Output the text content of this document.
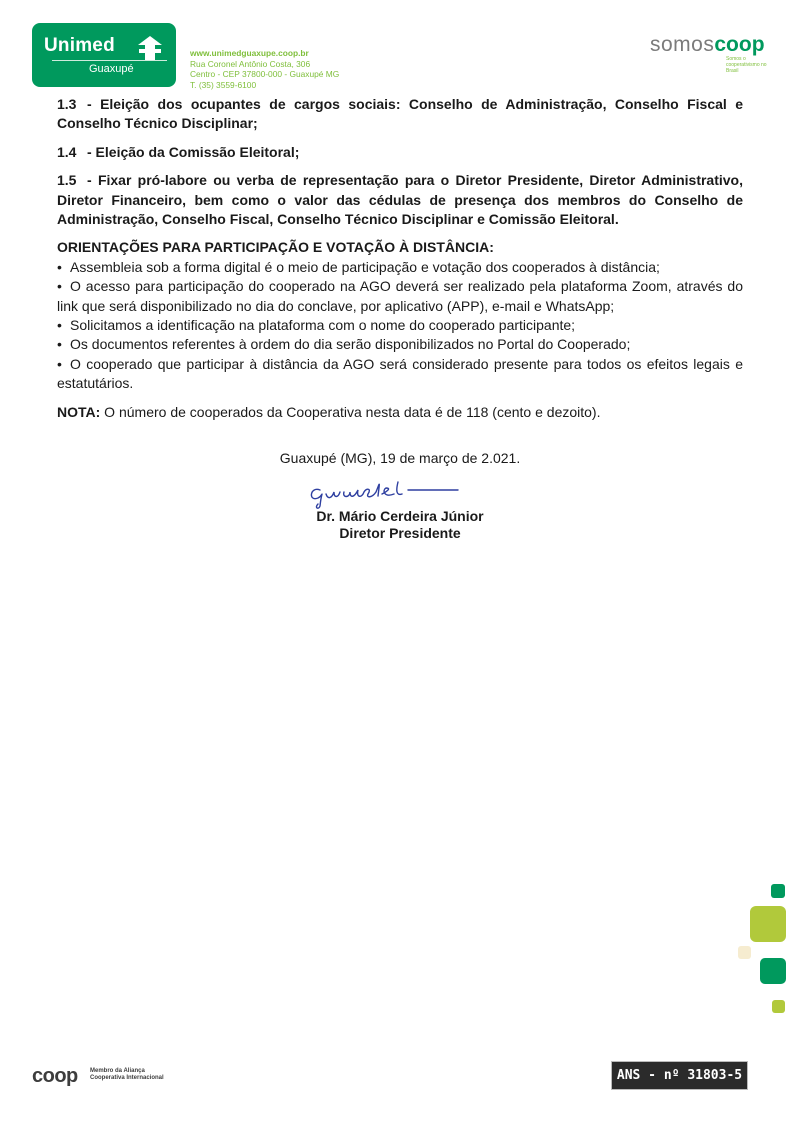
Unimed
Guaxupé
www.unimedguaxupe.coop.br
Rua Coronel Antônio Costa, 306
Centro - CEP 37800-000 - Guaxupé MG
T. (35) 3559-6100
somoscoop
Somos o cooperativismo no Brasil

1.3 - Eleição dos ocupantes de cargos sociais: Conselho de Administração, Conselho Fiscal e Conselho Técnico Disciplinar;

1.4 - Eleição da Comissão Eleitoral;

1.5 - Fixar pró-labore ou verba de representação para o Diretor Presidente, Diretor Administrativo, Diretor Financeiro, bem como o valor das cédulas de presença dos membros do Conselho de Administração, Conselho Fiscal, Conselho Técnico Disciplinar e Comissão Eleitoral.

ORIENTAÇÕES PARA PARTICIPAÇÃO E VOTAÇÃO À DISTÂNCIA:
• Assembleia sob a forma digital é o meio de participação e votação dos cooperados à distância;
• O acesso para participação do cooperado na AGO deverá ser realizado pela plataforma Zoom, através do link que será disponibilizado no dia do conclave, por aplicativo (APP), e-mail e WhatsApp;
• Solicitamos a identificação na plataforma com o nome do cooperado participante;
• Os documentos referentes à ordem do dia serão disponibilizados no Portal do Cooperado;
• O cooperado que participar à distância da AGO será considerado presente para todos os efeitos legais e estatutários.

NOTA: O número de cooperados da Cooperativa nesta data é de 118 (cento e dezoito).

Guaxupé (MG), 19 de março de 2.021.
Dr. Mário Cerdeira Júnior
Diretor Presidente
coop Membro da Aliança
Cooperativa Internacional	ANS - nº 31803-5
